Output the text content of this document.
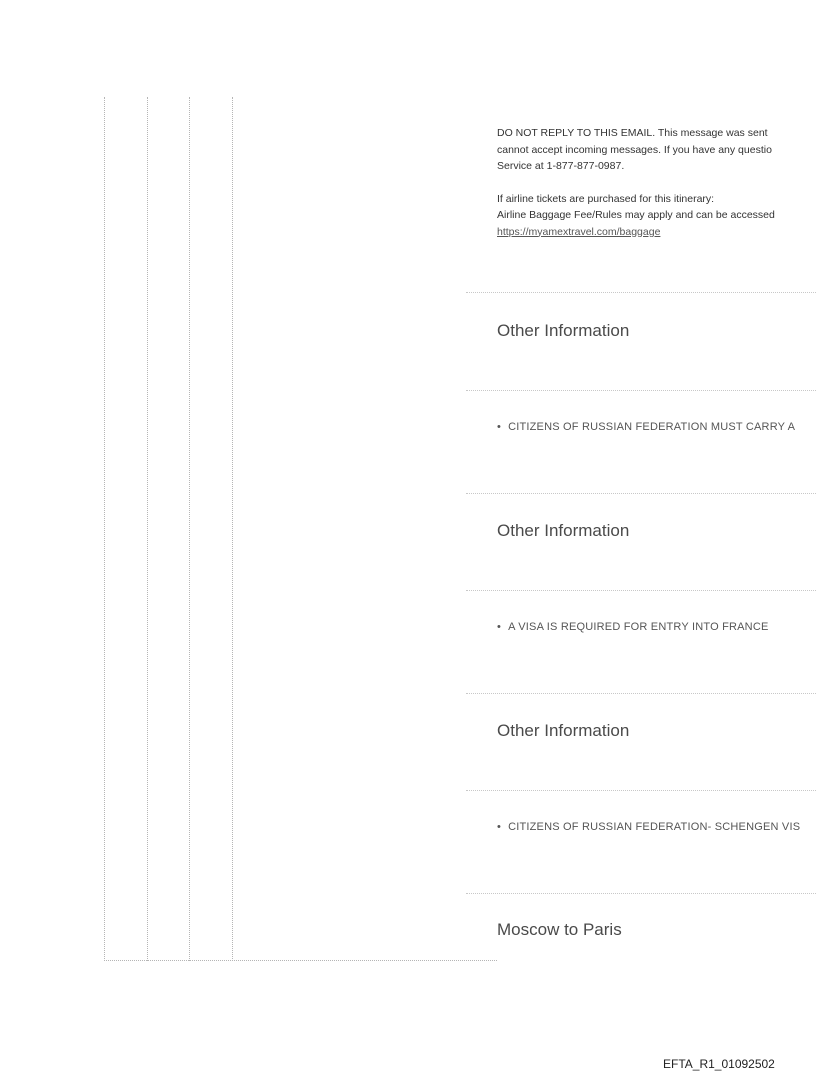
DO NOT REPLY TO THIS EMAIL. This message was sent

cannot accept incoming messages. If you have any questio

Service at 1-877-877-0987.

If airline tickets are purchased for this itinerary:

Airline Baggage Fee/Rules may apply and can be accessed

https://myamextravel.com/baggage

Other Information
• CITIZENS OF RUSSIAN FEDERATION MUST CARRY A
Other Information
• A VISA IS REQUIRED FOR ENTRY INTO FRANCE
Other Information
• CITIZENS OF RUSSIAN FEDERATION- SCHENGEN VIS
Moscow to Paris
EFTA_R1_01092502
